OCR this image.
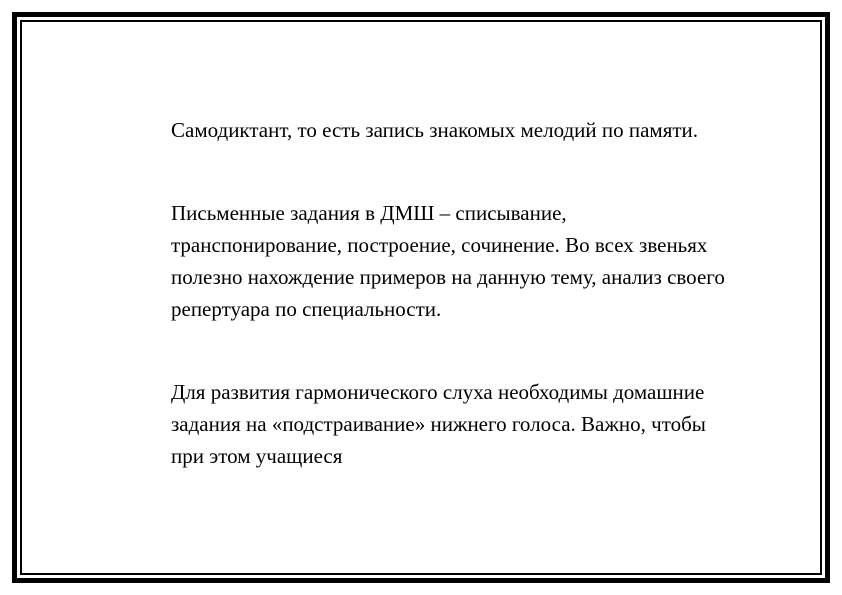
Самодиктант, то есть запись знакомых мелодий по памяти.

Письменные задания в ДМШ – списывание, транспонирование, построение, сочинение. Во всех звеньях полезно нахождение примеров на данную тему, анализ своего репертуара по специальности.

Для развития гармонического слуха необходимы домашние задания на «подстраивание» нижнего голоса. Важно, чтобы при этом учащиеся
